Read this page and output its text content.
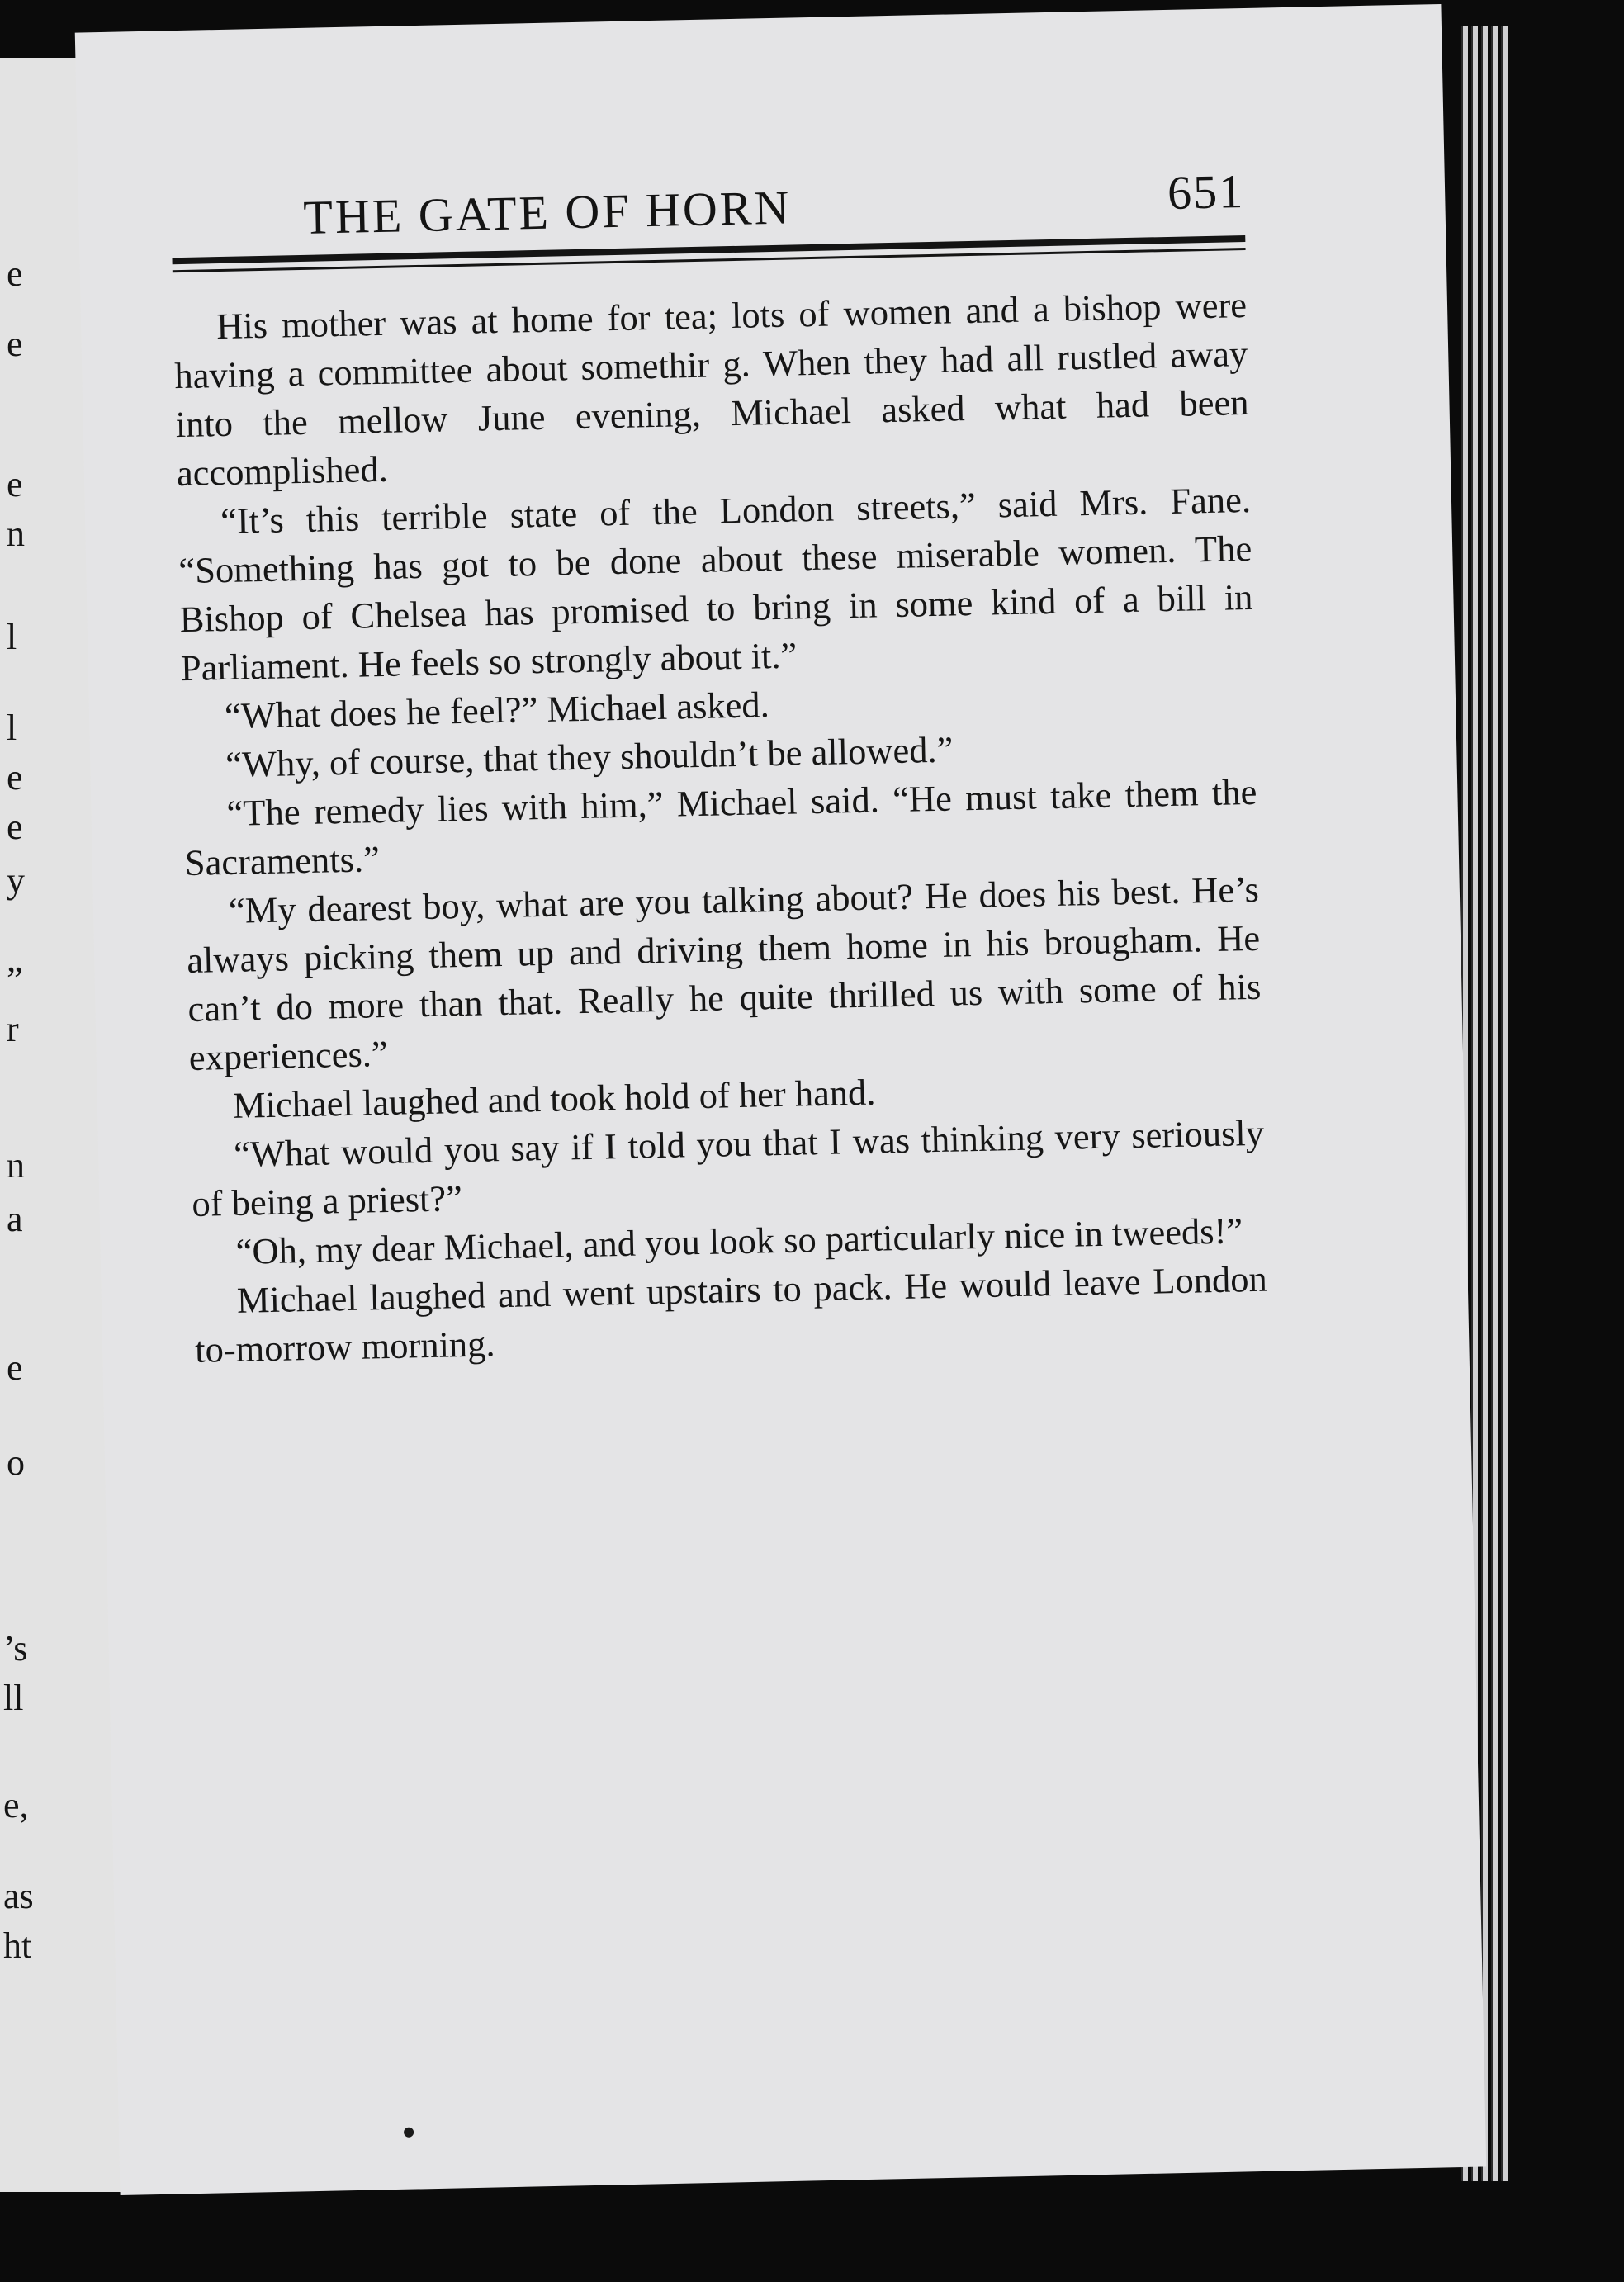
e
e
e
n
l
l
e
e
y
”
r
n
a
e
o
’s
ll
e,
as
ht
THE GATE OF HORN	651

His mother was at home for tea; lots of women and a bishop were having a committee about somethir g. When they had all rustled away into the mellow June evening, Michael asked what had been accomplished.

“It’s this terrible state of the London streets,” said Mrs. Fane. “Something has got to be done about these miserable women. The Bishop of Chelsea has promised to bring in some kind of a bill in Parliament. He feels so strongly about it.”

“What does he feel?” Michael asked.

“Why, of course, that they shouldn’t be allowed.”

“The remedy lies with him,” Michael said. “He must take them the Sacraments.”

“My dearest boy, what are you talking about? He does his best. He’s always picking them up and driving them home in his brougham. He can’t do more than that. Really he quite thrilled us with some of his experiences.”

Michael laughed and took hold of her hand.

“What would you say if I told you that I was thinking very seriously of being a priest?”

“Oh, my dear Michael, and you look so particularly nice in tweeds!”

Michael laughed and went upstairs to pack. He would leave London to-morrow morning.
